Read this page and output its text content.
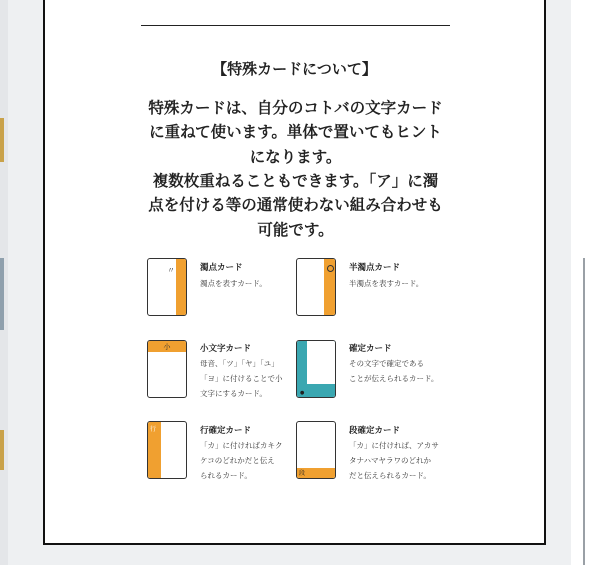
【特殊カードについて】
特殊カードは、自分のコトバの文字カード
に重ねて使います。単体で置いてもヒント
になります。
複数枚重ねることもできます。「ア」に濁
点を付ける等の通常使わない組み合わせも
可能です。
〃	濁点カード
濁点を表すカード。
半濁点カード
半濁点を表すカード。
小	小文字カード
母音、「ツ」「ヤ」「ユ」
「ヨ」に付けることで小
文字にするカード。	●
確定カード
その文字で確定である
ことが伝えられるカード。
行	行確定カード
「カ」に付ければカキク
ケコのどれかだと伝え
られるカード。	段
段確定カード
「カ」に付ければ、アカサ
タナハマヤラワのどれか
だと伝えられるカード。
